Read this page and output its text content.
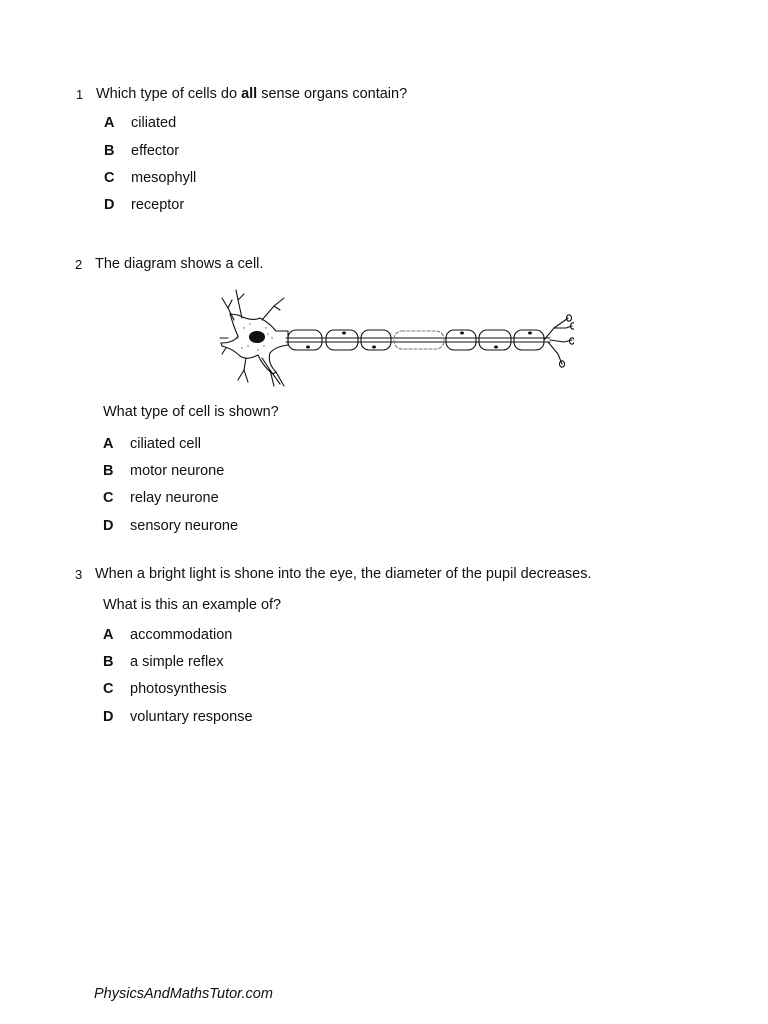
1 Which type of cells do all sense organs contain?
A ciliated
B effector
C mesophyll
D receptor
2 The diagram shows a cell.
What type of cell is shown?
A ciliated cell
B motor neurone
C relay neurone
D sensory neurone
3 When a bright light is shone into the eye, the diameter of the pupil decreases.
What is this an example of?
A accommodation
B a simple reflex
C photosynthesis
D voluntary response
PhysicsAndMathsTutor.com
